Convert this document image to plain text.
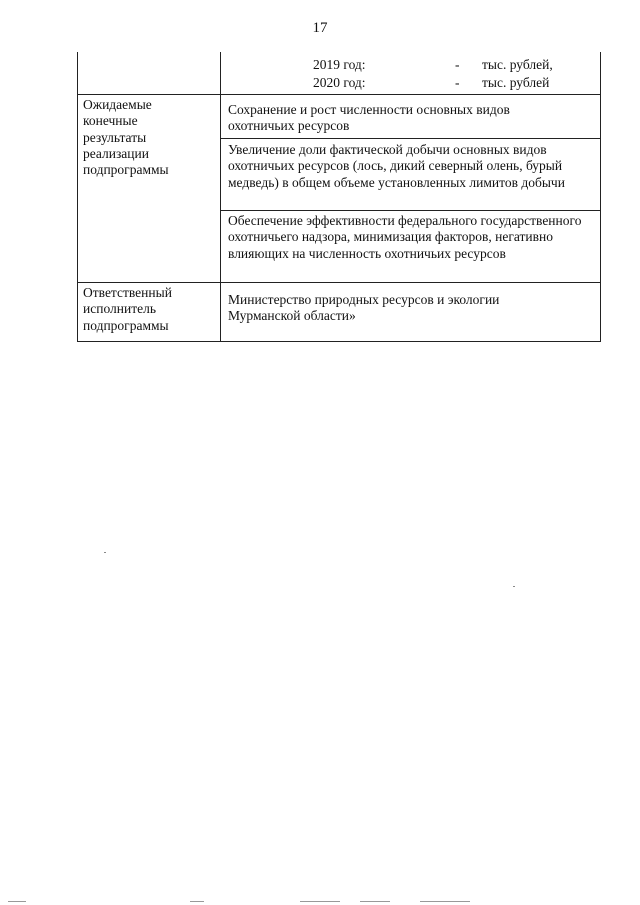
17
2019 год:	- тыс. рублей,
2020 год:	- тыс. рублей
Ожидаемые конечные результаты реализации подпрограммы
Сохранение и рост численности основных видов охотничьих ресурсов
Увеличение доли фактической добычи основных видов охотничьих ресурсов (лось, дикий северный олень, бурый медведь) в общем объеме установленных лимитов добычи
Обеспечение эффективности федерального государственного охотничьего надзора, минимизация факторов, негативно влияющих на численность охотничьих ресурсов
Ответственный исполнитель подпрограммы
Министерство природных ресурсов и экологии Мурманской области»
